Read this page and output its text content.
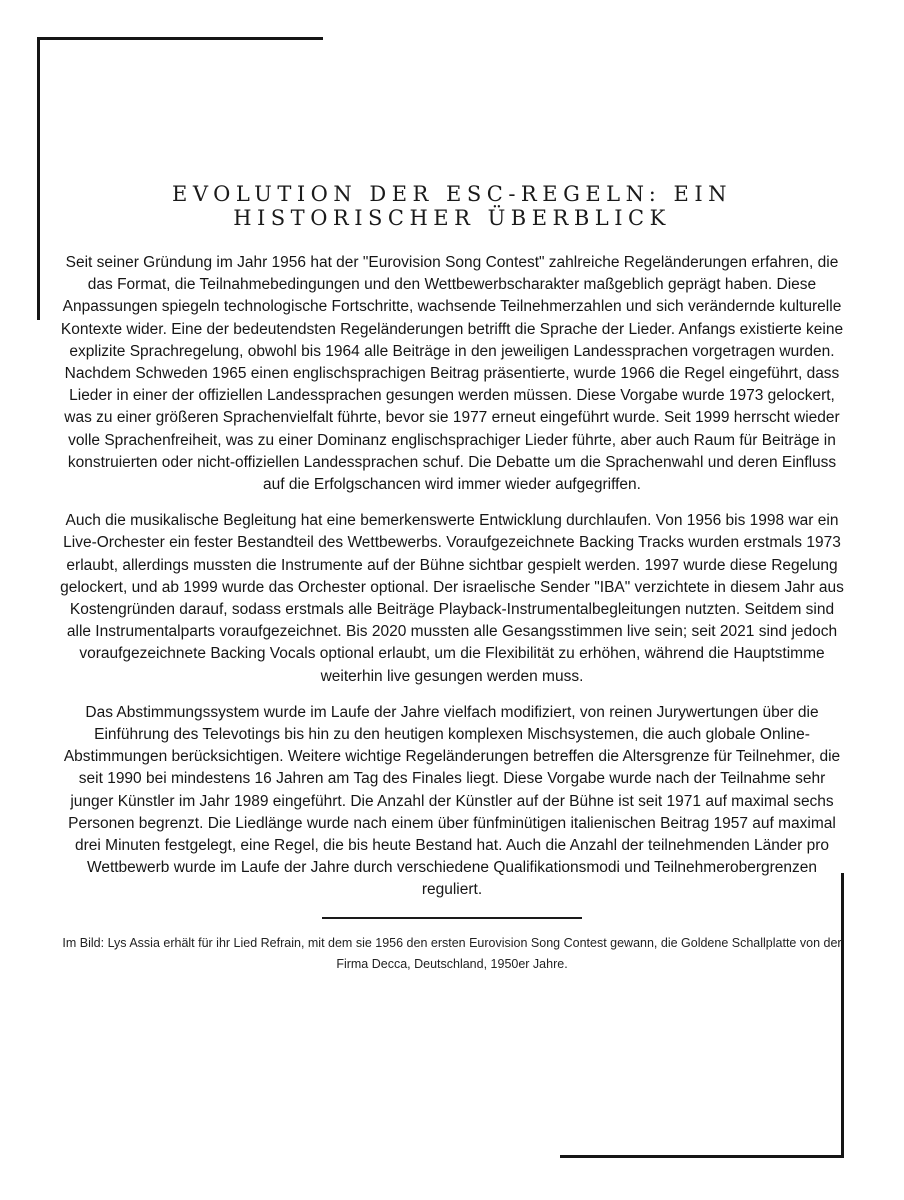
EVOLUTION DER ESC-REGELN: EIN
HISTORISCHER ÜBERBLICK

Seit seiner Gründung im Jahr 1956 hat der "Eurovision Song Contest" zahlreiche Regeländerungen erfahren, die das Format, die Teilnahmebedingungen und den Wettbewerbscharakter maßgeblich geprägt haben. Diese Anpassungen spiegeln technologische Fortschritte, wachsende Teilnehmerzahlen und sich verändernde kulturelle Kontexte wider. Eine der bedeutendsten Regeländerungen betrifft die Sprache der Lieder. Anfangs existierte keine explizite Sprachregelung, obwohl bis 1964 alle Beiträge in den jeweiligen Landessprachen vorgetragen wurden. Nachdem Schweden 1965 einen englischsprachigen Beitrag präsentierte, wurde 1966 die Regel eingeführt, dass Lieder in einer der offiziellen Landessprachen gesungen werden müssen. Diese Vorgabe wurde 1973 gelockert, was zu einer größeren Sprachenvielfalt führte, bevor sie 1977 erneut eingeführt wurde. Seit 1999 herrscht wieder volle Sprachenfreiheit, was zu einer Dominanz englischsprachiger Lieder führte, aber auch Raum für Beiträge in konstruierten oder nicht-offiziellen Landessprachen schuf. Die Debatte um die Sprachenwahl und deren Einfluss auf die Erfolgschancen wird immer wieder aufgegriffen.

Auch die musikalische Begleitung hat eine bemerkenswerte Entwicklung durchlaufen. Von 1956 bis 1998 war ein Live-Orchester ein fester Bestandteil des Wettbewerbs. Voraufgezeichnete Backing Tracks wurden erstmals 1973 erlaubt, allerdings mussten die Instrumente auf der Bühne sichtbar gespielt werden. 1997 wurde diese Regelung gelockert, und ab 1999 wurde das Orchester optional. Der israelische Sender "IBA" verzichtete in diesem Jahr aus Kostengründen darauf, sodass erstmals alle Beiträge Playback-Instrumentalbegleitungen nutzten. Seitdem sind alle Instrumentalparts voraufgezeichnet. Bis 2020 mussten alle Gesangsstimmen live sein; seit 2021 sind jedoch voraufgezeichnete Backing Vocals optional erlaubt, um die Flexibilität zu erhöhen, während die Hauptstimme weiterhin live gesungen werden muss.

Das Abstimmungssystem wurde im Laufe der Jahre vielfach modifiziert, von reinen Jurywertungen über die Einführung des Televotings bis hin zu den heutigen komplexen Mischsystemen, die auch globale Online-Abstimmungen berücksichtigen. Weitere wichtige Regeländerungen betreffen die Altersgrenze für Teilnehmer, die seit 1990 bei mindestens 16 Jahren am Tag des Finales liegt. Diese Vorgabe wurde nach der Teilnahme sehr junger Künstler im Jahr 1989 eingeführt. Die Anzahl der Künstler auf der Bühne ist seit 1971 auf maximal sechs Personen begrenzt. Die Liedlänge wurde nach einem über fünfminütigen italienischen Beitrag 1957 auf maximal drei Minuten festgelegt, eine Regel, die bis heute Bestand hat. Auch die Anzahl der teilnehmenden Länder pro Wettbewerb wurde im Laufe der Jahre durch verschiedene Qualifikationsmodi und Teilnehmerobergrenzen reguliert.

Im Bild: Lys Assia erhält für ihr Lied Refrain, mit dem sie 1956 den ersten Eurovision Song Contest gewann, die Goldene Schallplatte von der Firma Decca, Deutschland, 1950er Jahre.
